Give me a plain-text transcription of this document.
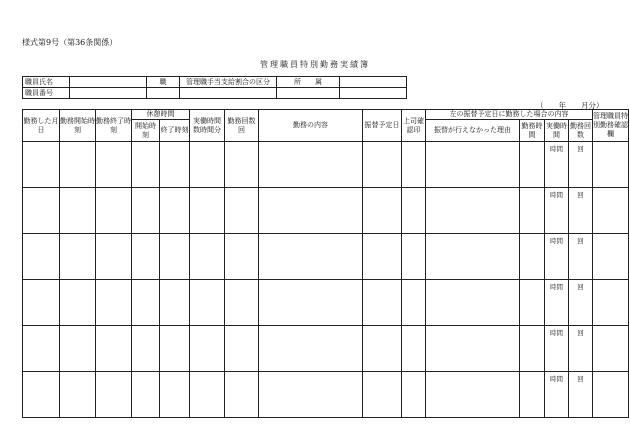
様式第9号（第36条関係）
管理職員特別勤務実績簿
職員氏名		職	管理職手当支給割合の区分	所　　属	
職員番号					
（　　年　　月分）
勤務した月日	勤務開始時刻	勤務終了時刻	休憩時間		実働時間数時間分	勤務回数回	勤務の内容	振替予定日	上司確認印	左の振替予定日に勤務した場合の内容				管理職員特別勤務確認欄
			開始時刻	終了時刻						振替が行えなかった理由	勤務時間	実働時間	勤務回数	
												時間	回	
												時間	回	
												時間	回	
												時間	回	
												時間	回	
												時間	回	
